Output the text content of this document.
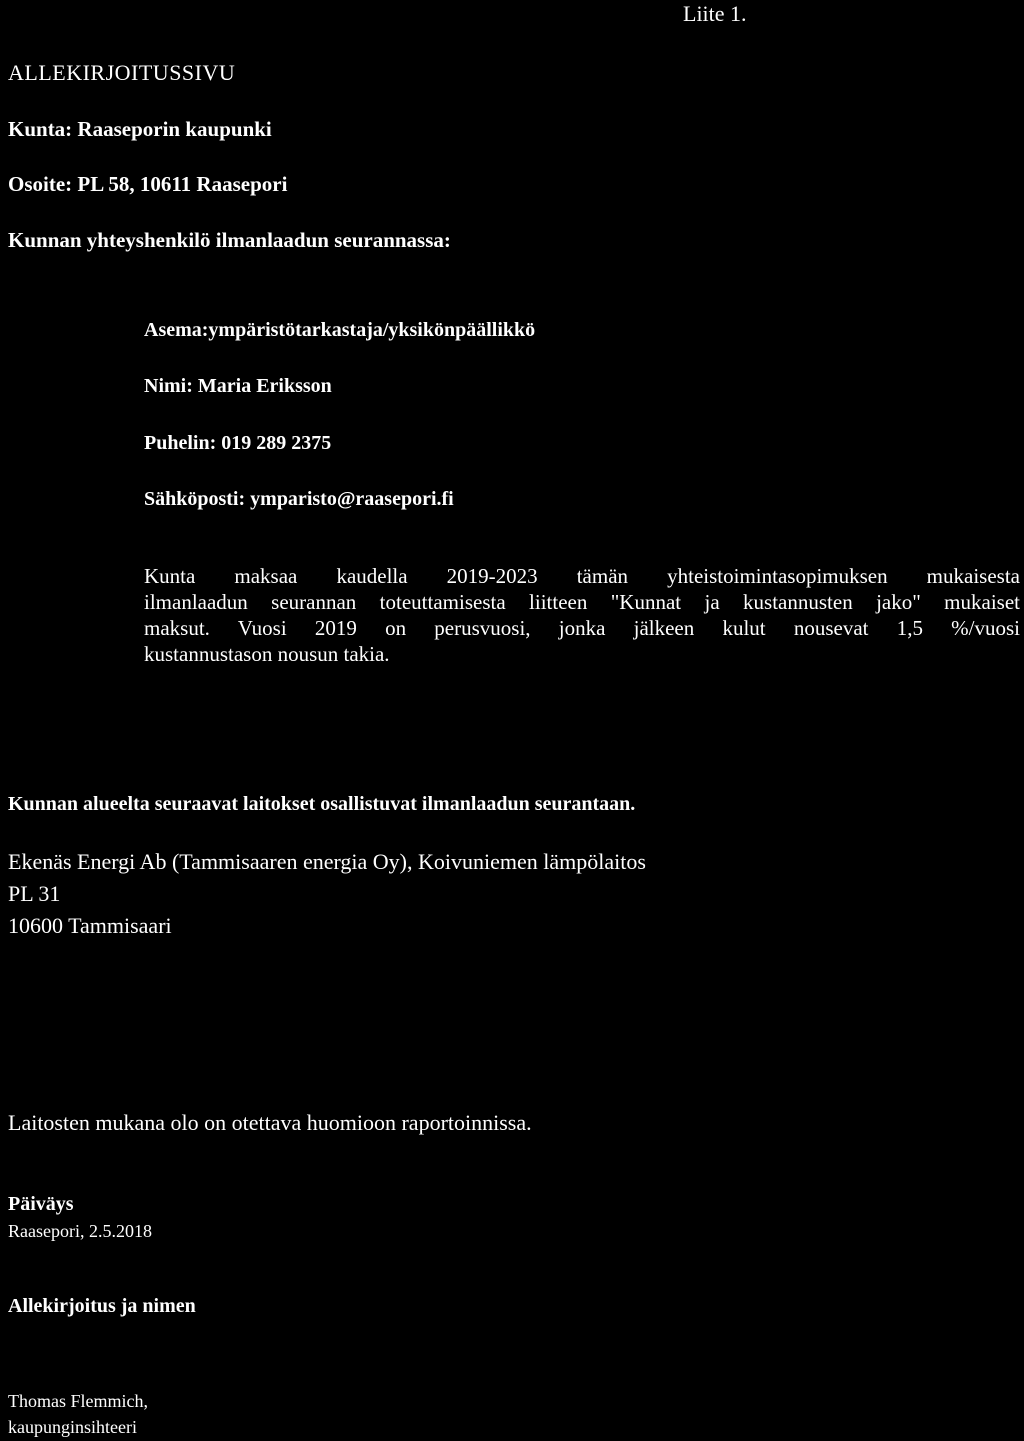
Liite 1.
ALLEKIRJOITUSSIVU
Kunta: Raaseporin kaupunki
Osoite: PL 58, 10611 Raasepori
Kunnan yhteyshenkilö ilmanlaadun seurannassa:
Asema:ympäristötarkastaja/yksikönpäällikkö
Nimi: Maria Eriksson
Puhelin: 019 289 2375
Sähköposti: ymparisto@raasepori.fi
Kunta maksaa kaudella 2019-2023 tämän yhteistoimintasopimuksen mukaisesta
ilmanlaadun seurannan toteuttamisesta liitteen "Kunnat ja kustannusten jako" mukaiset
maksut. Vuosi 2019 on perusvuosi, jonka jälkeen kulut nousevat 1,5 %/vuosi
kustannustason nousun takia.
Kunnan alueelta seuraavat laitokset osallistuvat ilmanlaadun seurantaan.
Ekenäs Energi Ab (Tammisaaren energia Oy), Koivuniemen lämpölaitos
PL 31
10600 Tammisaari
Laitosten mukana olo on otettava huomioon raportoinnissa.
Päiväys
Raasepori, 2.5.2018
Allekirjoitus ja nimen
Thomas Flemmich,
kaupunginsihteeri
